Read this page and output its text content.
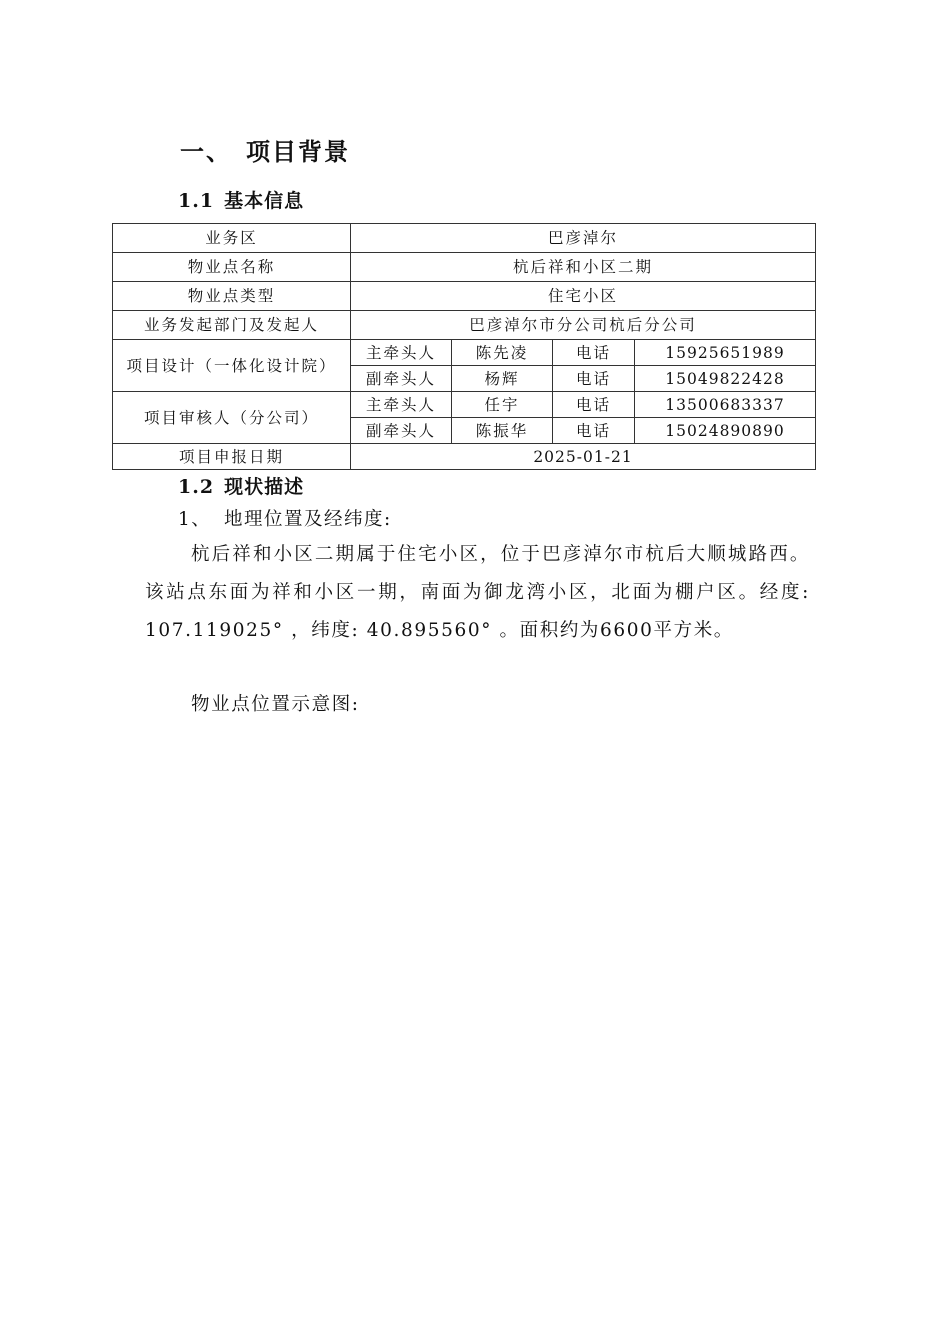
一、 项目背景
1.1 基本信息
业务区	巴彦淖尔			
物业点名称	杭后祥和小区二期			
物业点类型	住宅小区			
业务发起部门及发起人	巴彦淖尔市分公司杭后分公司			
项目设计（一体化设计院）	主牵头人	陈先凌	电话	15925651989
	副牵头人	杨辉	电话	15049822428
项目审核人（分公司）	主牵头人	任宇	电话	13500683337
	副牵头人	陈振华	电话	15024890890
项目申报日期	2025-01-21			
1.2 现状描述
1、 地理位置及经纬度:
杭后祥和小区二期属于住宅小区，位于巴彦淖尔市杭后大顺城路西。该站点东面为祥和小区一期，南面为御龙湾小区，北面为棚户区。经度: 107.119025° ，纬度: 40.895560° 。面积约为6600平方米。
物业点位置示意图:
